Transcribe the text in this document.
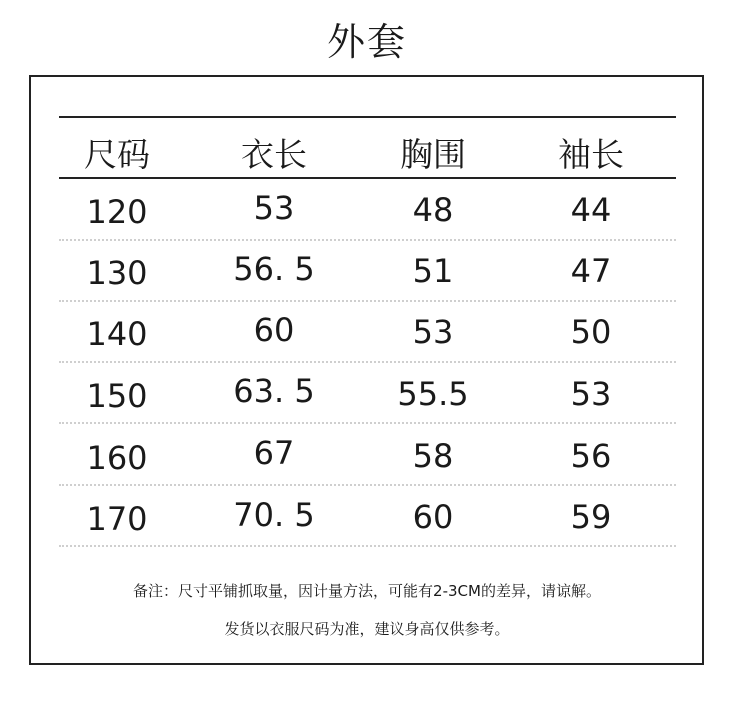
外套
尺码	衣长	胸围	袖长
120	53	48	44
130	56. 5	51	47
140	60	53	50
150	63. 5	55.5	53
160	67	58	56
170	70. 5	60	59
备注：尺寸平铺抓取量，因计量方法，可能有2-3CM的差异，请谅解。
发货以衣服尺码为准，建议身高仅供参考。
